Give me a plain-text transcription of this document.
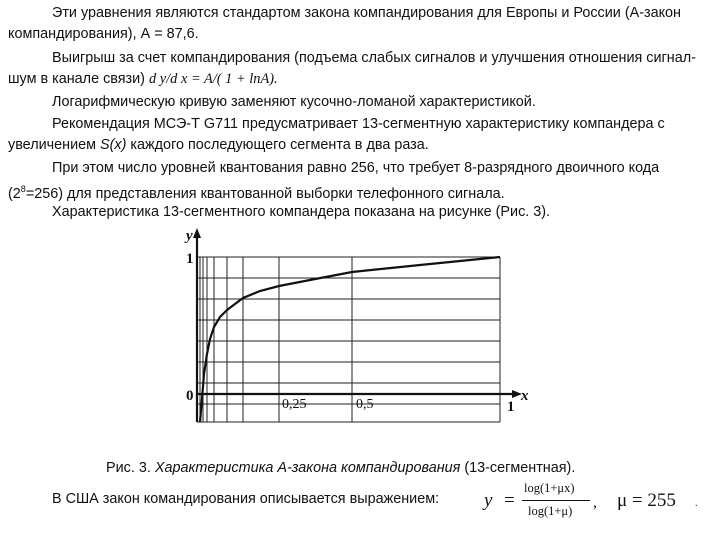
Эти уравнения являются стандартом закона компандирования для Европы и России (А-закон компандирования), А = 87,6.

Выигрыш за счет компандирования (подъема слабых сигналов и улучшения отношения сигнал-шум в канале связи) d y/d x = A/( 1 + lnA).

Логарифмическую кривую заменяют кусочно-ломаной характеристикой.

Рекомендация МСЭ-Т G711 предусматривает 13-сегментную характеристику компандера с увеличением S(x) каждого последующего сегмента в два раза.

При этом число уровней квантования равно 256, что требует 8-разрядного двоичного кода $(2^8=256)$ для представления квантованной выборки телефонного сигнала.

Характеристика 13-сегментного компандера показана на рисунке (Рис. 3).

y
1
0
0,25	0,5	1
x
Рис. 3. Характеристика А-закона компандирования (13-сегментная).
В США закон командирования описывается выражением: y =
log(1+μx)
log(1+μ) , μ = 255 .
